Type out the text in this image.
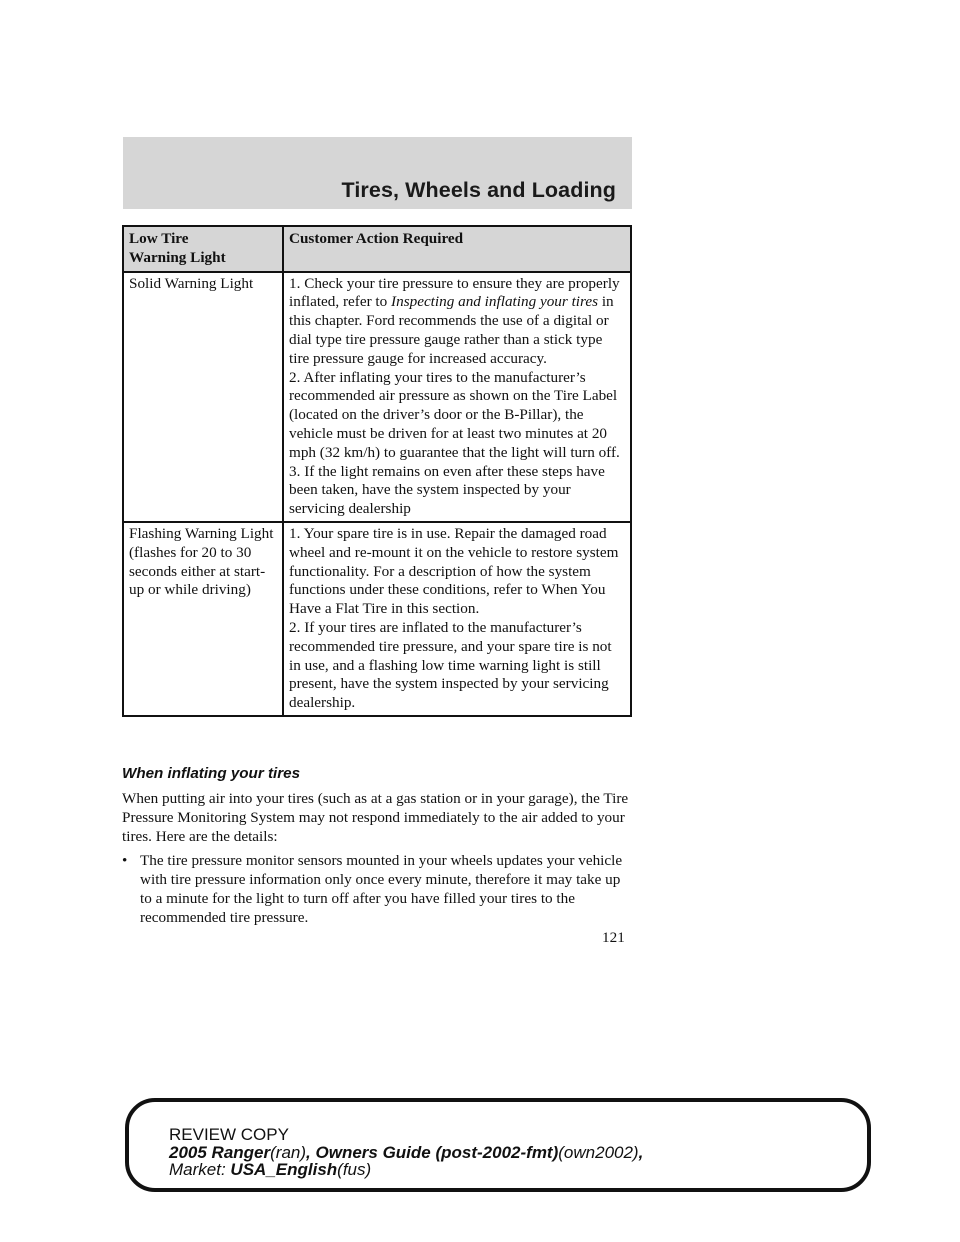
Tires, Wheels and Loading
Low Tire
Warning Light	Customer Action Required
Solid Warning Light	1. Check your tire pressure to ensure they are properly inflated, refer to Inspecting and inflating your tires in this chapter. Ford recommends the use of a digital or dial type tire pressure gauge rather than a stick type tire pressure gauge for increased accuracy.
2. After inflating your tires to the manufacturer’s recommended air pressure as shown on the Tire Label (located on the driver’s door or the B-Pillar), the vehicle must be driven for at least two minutes at 20 mph (32 km/h) to guarantee that the light will turn off.
3. If the light remains on even after these steps have been taken, have the system inspected by your servicing dealership

Flashing Warning Light (flashes for 20 to 30 seconds either at start-up or while driving)	1. Your spare tire is in use. Repair the damaged road wheel and re-mount it on the vehicle to restore system functionality. For a description of how the system functions under these conditions, refer to When You Have a Flat Tire in this section.
2. If your tires are inflated to the manufacturer’s recommended tire pressure, and your spare tire is not in use, and a flashing low time warning light is still present, have the system inspected by your servicing dealership.
When inflating your tires

When putting air into your tires (such as at a gas station or in your garage), the Tire Pressure Monitoring System may not respond immediately to the air added to your tires. Here are the details:

• The tire pressure monitor sensors mounted in your wheels updates your vehicle with tire pressure information only once every minute, therefore it may take up to a minute for the light to turn off after you have filled your tires to the recommended tire pressure.
121
REVIEW COPY
2005 Ranger(ran), Owners Guide (post-2002-fmt)(own2002),
Market: USA_English(fus)
